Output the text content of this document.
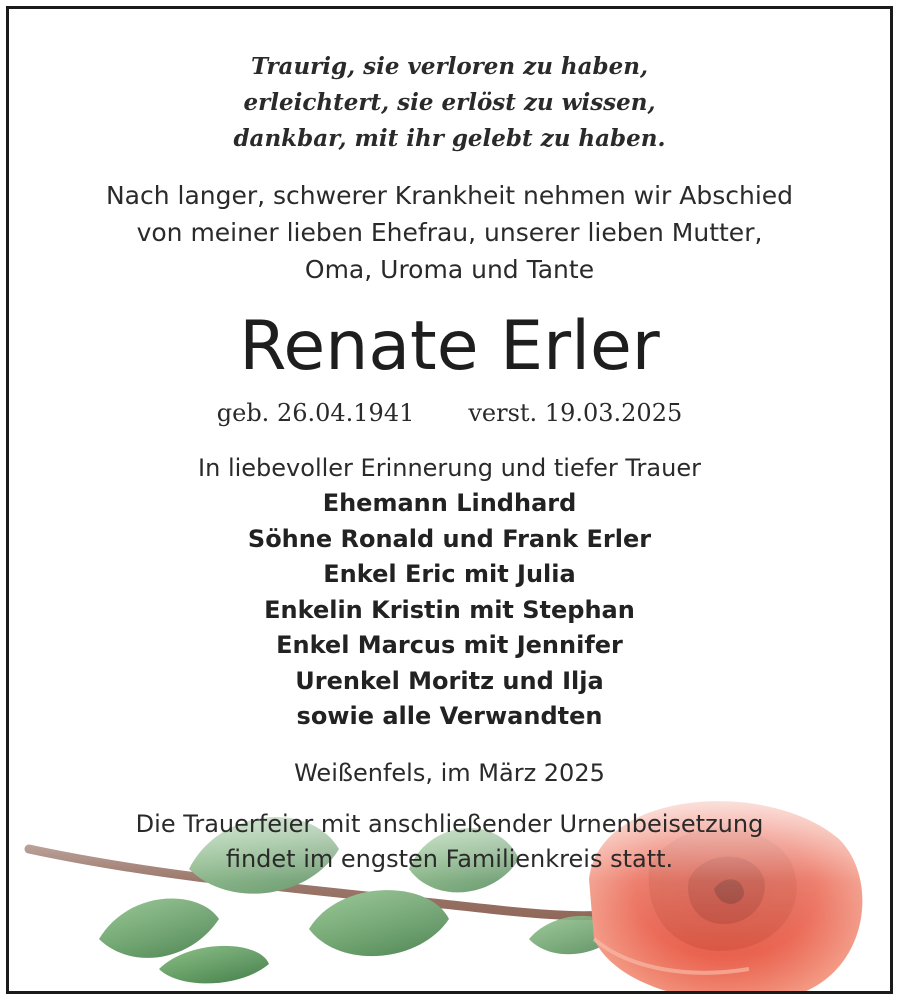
Traurig, sie verloren zu haben,
erleichtert, sie erlöst zu wissen,
dankbar, mit ihr gelebt zu haben.
Nach langer, schwerer Krankheit nehmen wir Abschied
von meiner lieben Ehefrau, unserer lieben Mutter,
Oma, Uroma und Tante
Renate Erler
geb. 26.04.1941 verst. 19.03.2025
In liebevoller Erinnerung und tiefer Trauer
Ehemann Lindhard
Söhne Ronald und Frank Erler
Enkel Eric mit Julia
Enkelin Kristin mit Stephan
Enkel Marcus mit Jennifer
Urenkel Moritz und Ilja
sowie alle Verwandten
Weißenfels, im März 2025
Die Trauerfeier mit anschließender Urnenbeisetzung
findet im engsten Familienkreis statt.
